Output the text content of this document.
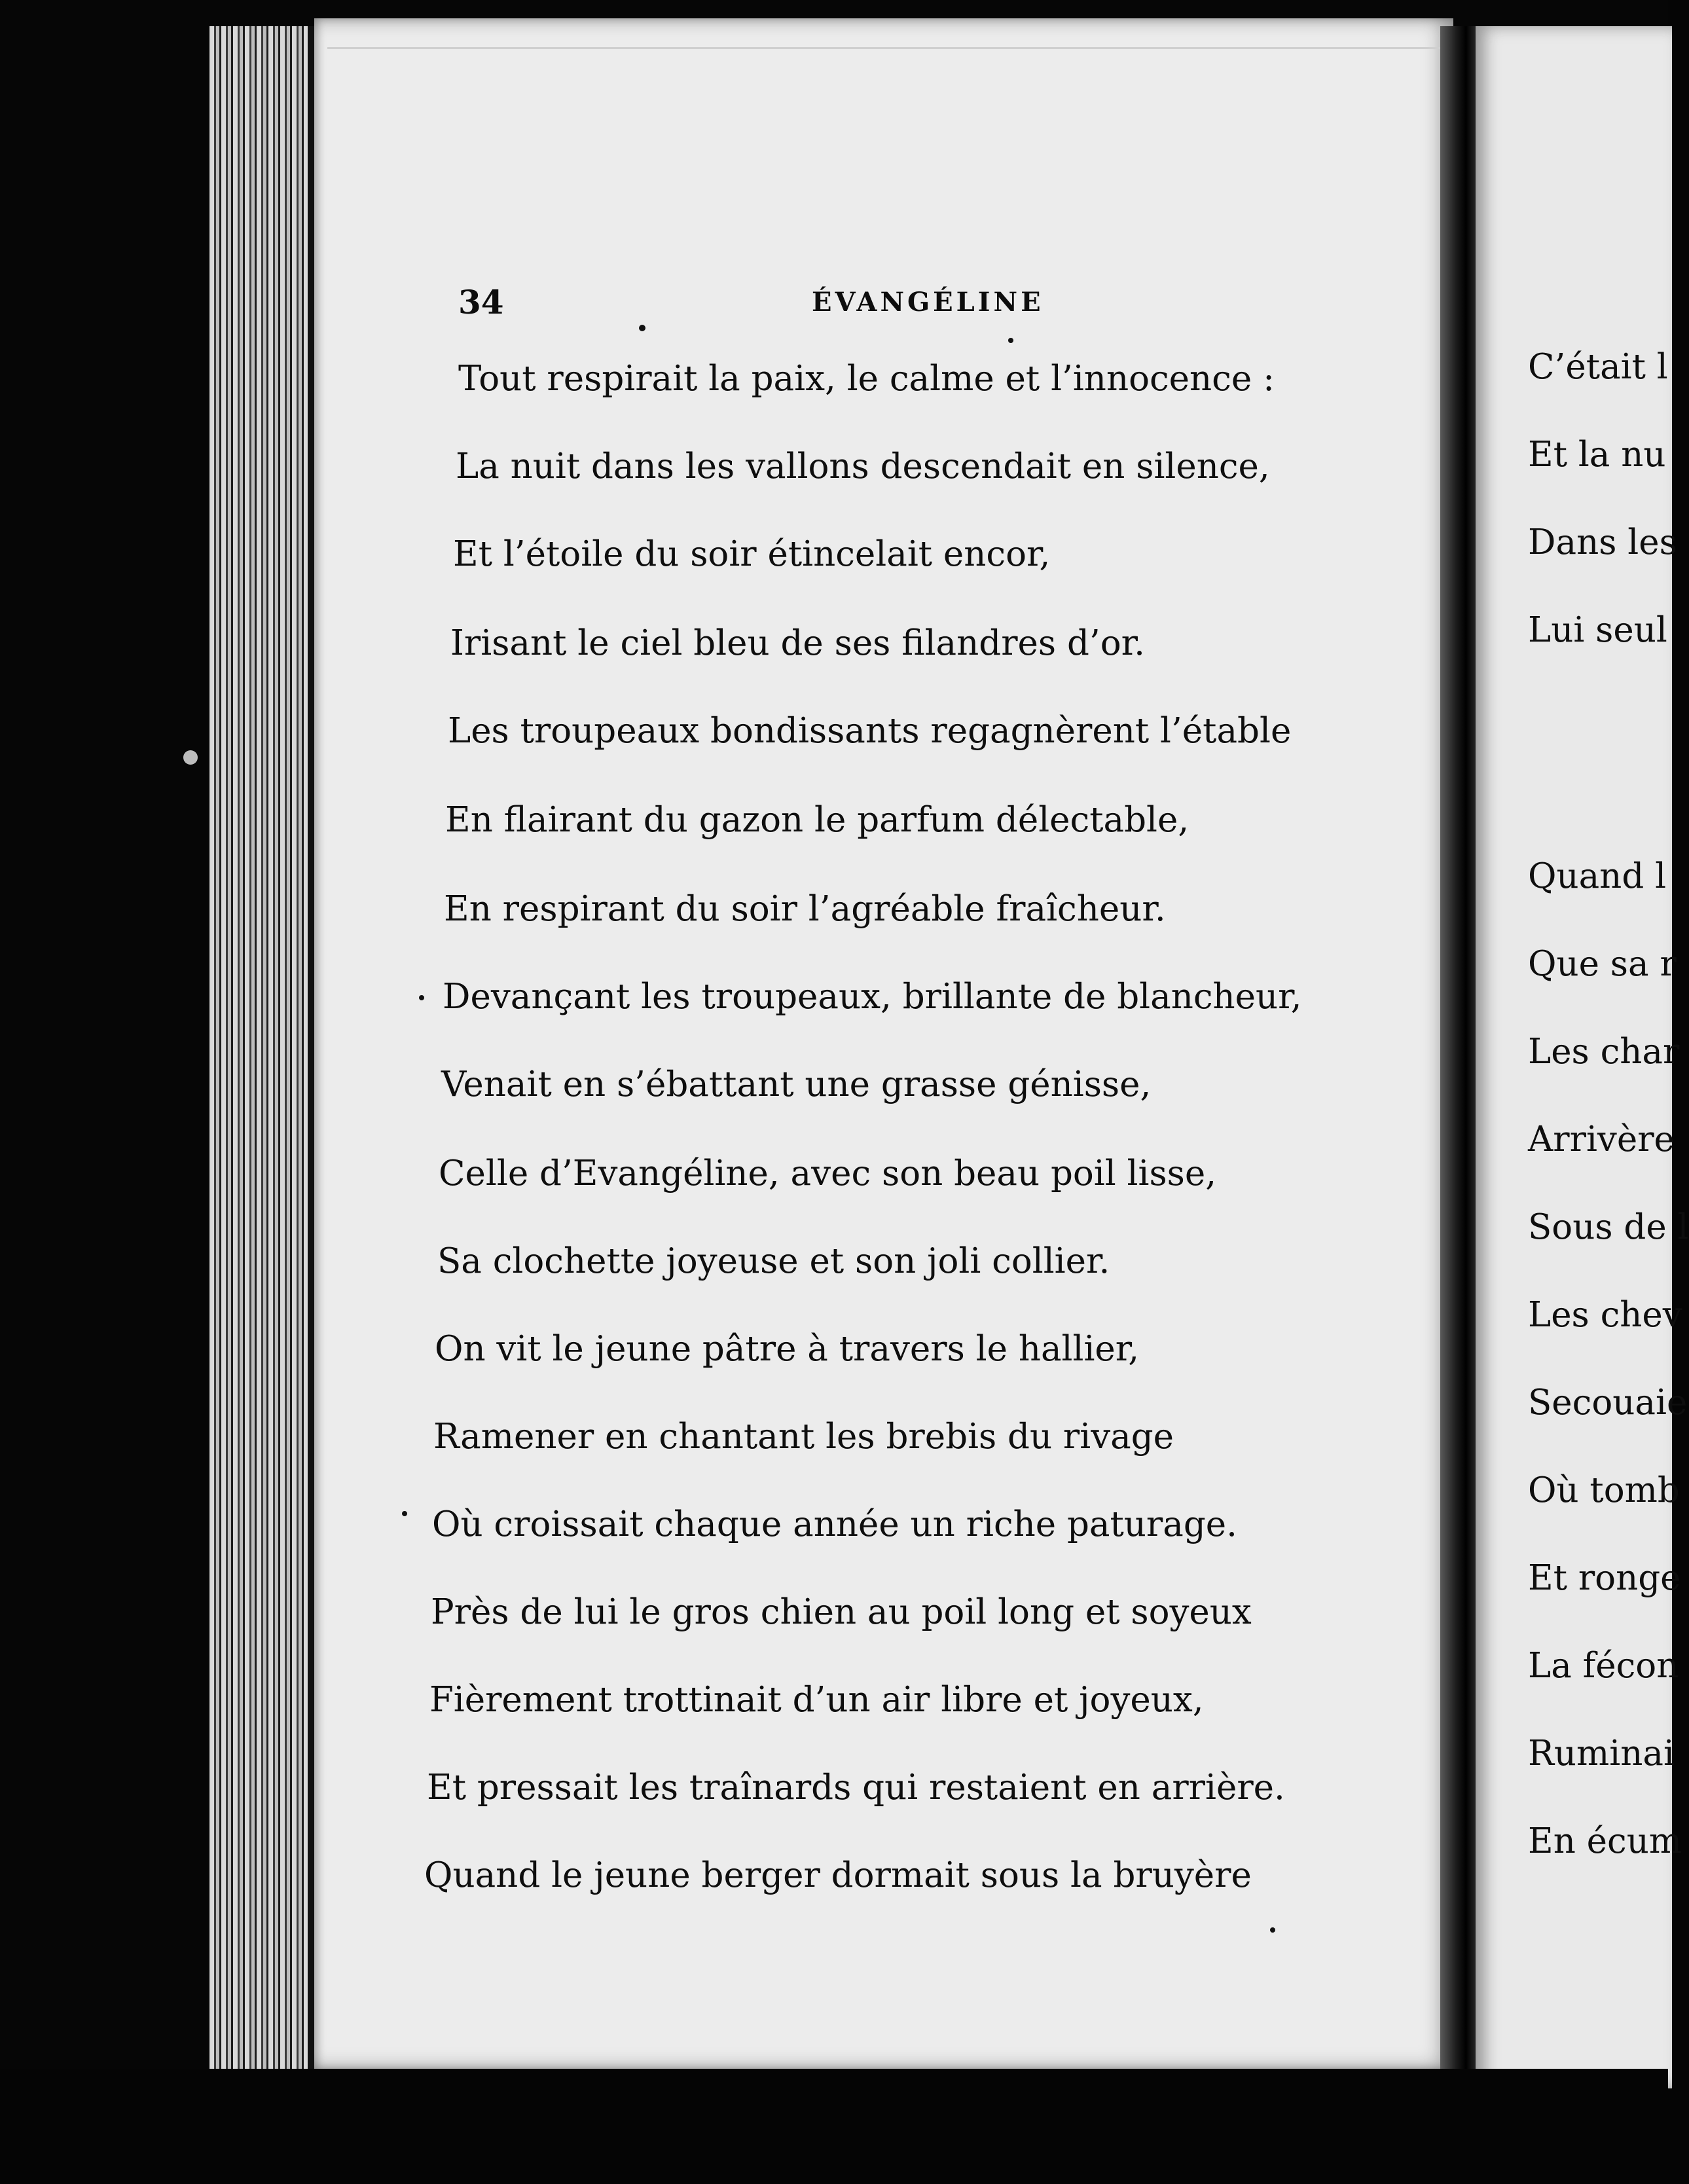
34	ÉVANGÉLINE
Tout respirait la paix, le calme et l’innocence :
La nuit dans les vallons descendait en silence,
Et l’étoile du soir étincelait encor,
Irisant le ciel bleu de ses filandres d’or.
Les troupeaux bondissants regagnèrent l’étable
En flairant du gazon le parfum délectable,
En respirant du soir l’agréable fraîcheur.
Devançant les troupeaux, brillante de blancheur,
Venait en s’ébattant une grasse génisse,
Celle d’Evangéline, avec son beau poil lisse,
Sa clochette joyeuse et son joli collier.
On vit le jeune pâtre à travers le hallier,
Ramener en chantant les brebis du rivage
Où croissait chaque année un riche paturage.
Près de lui le gros chien au poil long et soyeux
Fièrement trottinait d’un air libre et joyeux,
Et pressait les traînards qui restaient en arrière.
Quand le jeune berger dormait sous la bruyère
C’était l
Et la nu
Dans les
Lui seul
Quand l
Que sa r
Les char
Arrivère
Sous de l
Les chev
Secouaie
Où tomb
Et ronge
La fécon
Ruminai
En écum
